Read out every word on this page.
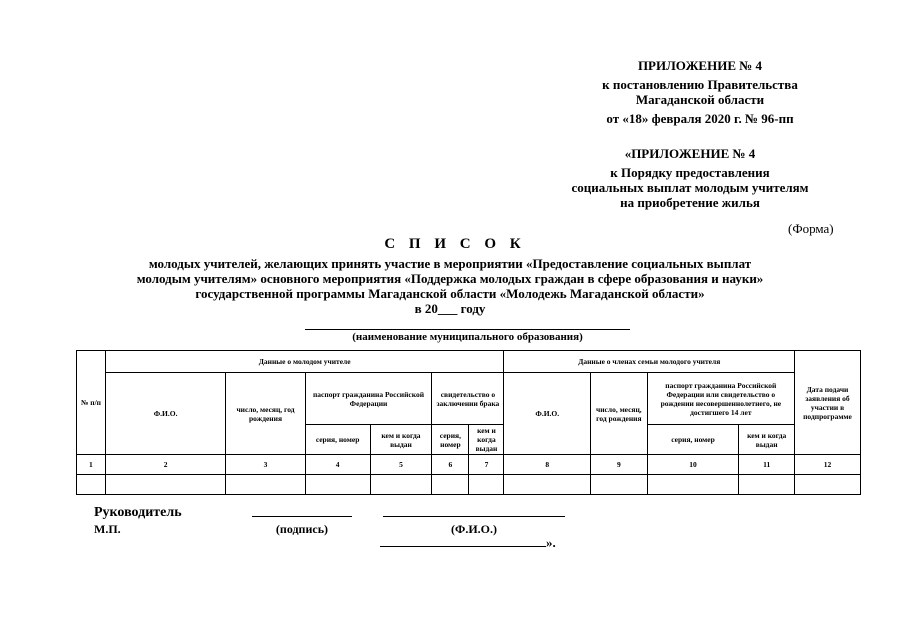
ПРИЛОЖЕНИЕ № 4
к постановлению Правительства
Магаданской области
от «18» февраля 2020 г. № 96-пп
«ПРИЛОЖЕНИЕ № 4
к Порядку предоставления
социальных выплат молодым учителям
на приобретение жилья
(Форма)
С П И С О К
молодых учителей, желающих принять участие в мероприятии «Предоставление социальных выплат
молодым учителям» основного мероприятия «Поддержка молодых граждан в сфере образования и науки»
государственной программы Магаданской области «Молодежь Магаданской области»
в 20___ году
(наименование муниципального образования)
№ п/п	Данные о молодом учителе						Данные о членах семьи молодого учителя				Дата подачи заявления об участии в подпрограмме
	Ф.И.О.	число, месяц, год рождения	паспорт гражданина Российской Федерации		свидетельство о заключении брака		Ф.И.О.	число, месяц, год рождения	паспорт гражданина Российской Федерации или свидетельство о рождении несовершеннолетнего, не достигшего 14 лет		
			серия, номер	кем и когда выдан	серия, номер	кем и когда выдан			серия, номер	кем и когда выдан	
1	2	3	4	5	6	7	8	9	10	11	12

Руководитель
М.П.	(подпись)	(Ф.И.О.)
».
